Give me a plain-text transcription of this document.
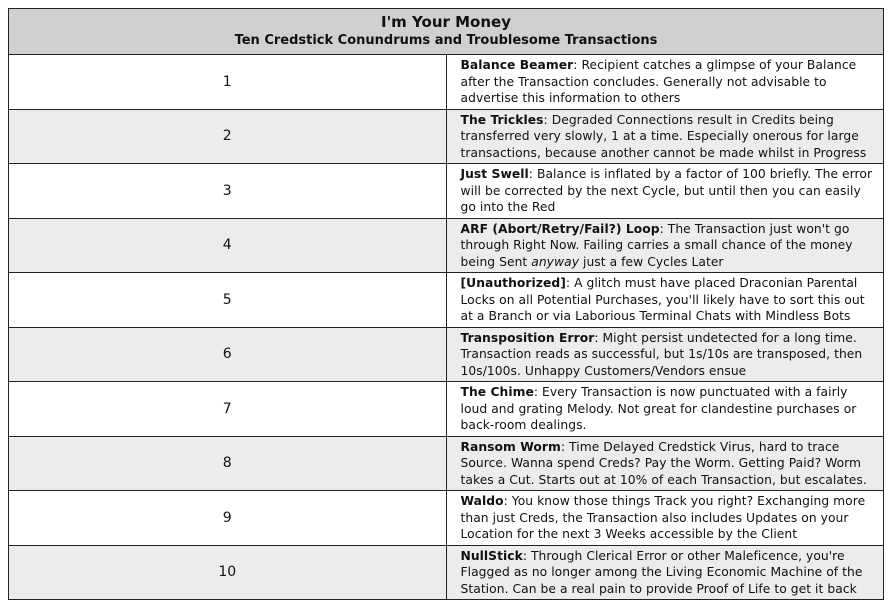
I'm Your Money
Ten Credstick Conundrums and Troublesome Transactions	

1	Balance Beamer: Recipient catches a glimpse of your Balance after the Transaction concludes. Generally not advisable to advertise this information to others
2	The Trickles: Degraded Connections result in Credits being transferred very slowly, 1 at a time. Especially onerous for large transactions, because another cannot be made whilst in Progress
3	Just Swell: Balance is inflated by a factor of 100 briefly. The error will be corrected by the next Cycle, but until then you can easily go into the Red
4	ARF (Abort/Retry/Fail?) Loop: The Transaction just won't go through Right Now. Failing carries a small chance of the money being Sent anyway just a few Cycles Later
5	[Unauthorized]: A glitch must have placed Draconian Parental Locks on all Potential Purchases, you'll likely have to sort this out at a Branch or via Laborious Terminal Chats with Mindless Bots
6	Transposition Error: Might persist undetected for a long time. Transaction reads as successful, but 1s/10s are transposed, then 10s/100s. Unhappy Customers/Vendors ensue
7	The Chime: Every Transaction is now punctuated with a fairly loud and grating Melody. Not great for clandestine purchases or back-room dealings.
8	Ransom Worm: Time Delayed Credstick Virus, hard to trace Source. Wanna spend Creds? Pay the Worm. Getting Paid? Worm takes a Cut. Starts out at 10% of each Transaction, but escalates.
9	Waldo: You know those things Track you right? Exchanging more than just Creds, the Transaction also includes Updates on your Location for the next 3 Weeks accessible by the Client
10	NullStick: Through Clerical Error or other Maleficence, you're Flagged as no longer among the Living Economic Machine of the Station. Can be a real pain to provide Proof of Life to get it back
